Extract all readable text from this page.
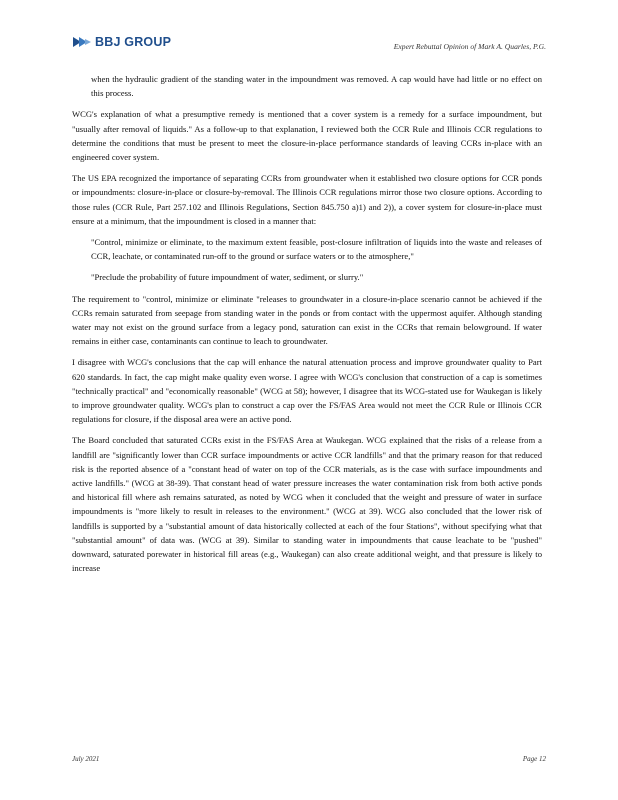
BBJ GROUP	Expert Rebuttal Opinion of Mark A. Quarles, P.G.

when the hydraulic gradient of the standing water in the impoundment was removed. A cap would have had little or no effect on this process.

WCG's explanation of what a presumptive remedy is mentioned that a cover system is a remedy for a surface impoundment, but "usually after removal of liquids." As a follow-up to that explanation, I reviewed both the CCR Rule and Illinois CCR regulations to determine the conditions that must be present to meet the closure-in-place performance standards of leaving CCRs in-place with an engineered cover system.

The US EPA recognized the importance of separating CCRs from groundwater when it established two closure options for CCR ponds or impoundments: closure-in-place or closure-by-removal. The Illinois CCR regulations mirror those two closure options. According to those rules (CCR Rule, Part 257.102 and Illinois Regulations, Section 845.750 a)1) and 2)), a cover system for closure-in-place must ensure at a minimum, that the impoundment is closed in a manner that:

"Control, minimize or eliminate, to the maximum extent feasible, post-closure infiltration of liquids into the waste and releases of CCR, leachate, or contaminated run-off to the ground or surface waters or to the atmosphere,"
"Preclude the probability of future impoundment of water, sediment, or slurry."

The requirement to "control, minimize or eliminate "releases to groundwater in a closure-in-place scenario cannot be achieved if the CCRs remain saturated from seepage from standing water in the ponds or from contact with the uppermost aquifer. Although standing water may not exist on the ground surface from a legacy pond, saturation can exist in the CCRs that remain belowground. If water remains in either case, contaminants can continue to leach to groundwater.

I disagree with WCG's conclusions that the cap will enhance the natural attenuation process and improve groundwater quality to Part 620 standards. In fact, the cap might make quality even worse. I agree with WCG's conclusion that construction of a cap is sometimes "technically practical" and "economically reasonable" (WCG at 58); however, I disagree that its WCG-stated use for Waukegan is likely to improve groundwater quality. WCG's plan to construct a cap over the FS/FAS Area would not meet the CCR Rule or Illinois CCR regulations for closure, if the disposal area were an active pond.

The Board concluded that saturated CCRs exist in the FS/FAS Area at Waukegan. WCG explained that the risks of a release from a landfill are "significantly lower than CCR surface impoundments or active CCR landfills" and that the primary reason for that reduced risk is the reported absence of a "constant head of water on top of the CCR materials, as is the case with surface impoundments and active landfills." (WCG at 38-39). That constant head of water pressure increases the water contamination risk from both active ponds and historical fill where ash remains saturated, as noted by WCG when it concluded that the weight and pressure of water in surface impoundments is "more likely to result in releases to the environment." (WCG at 39). WCG also concluded that the lower risk of landfills is supported by a "substantial amount of data historically collected at each of the four Stations", without specifying what that "substantial amount" of data was. (WCG at 39). Similar to standing water in impoundments that cause leachate to be "pushed" downward, saturated porewater in historical fill areas (e.g., Waukegan) can also create additional weight, and that pressure is likely to increase

July 2021	Page 12
